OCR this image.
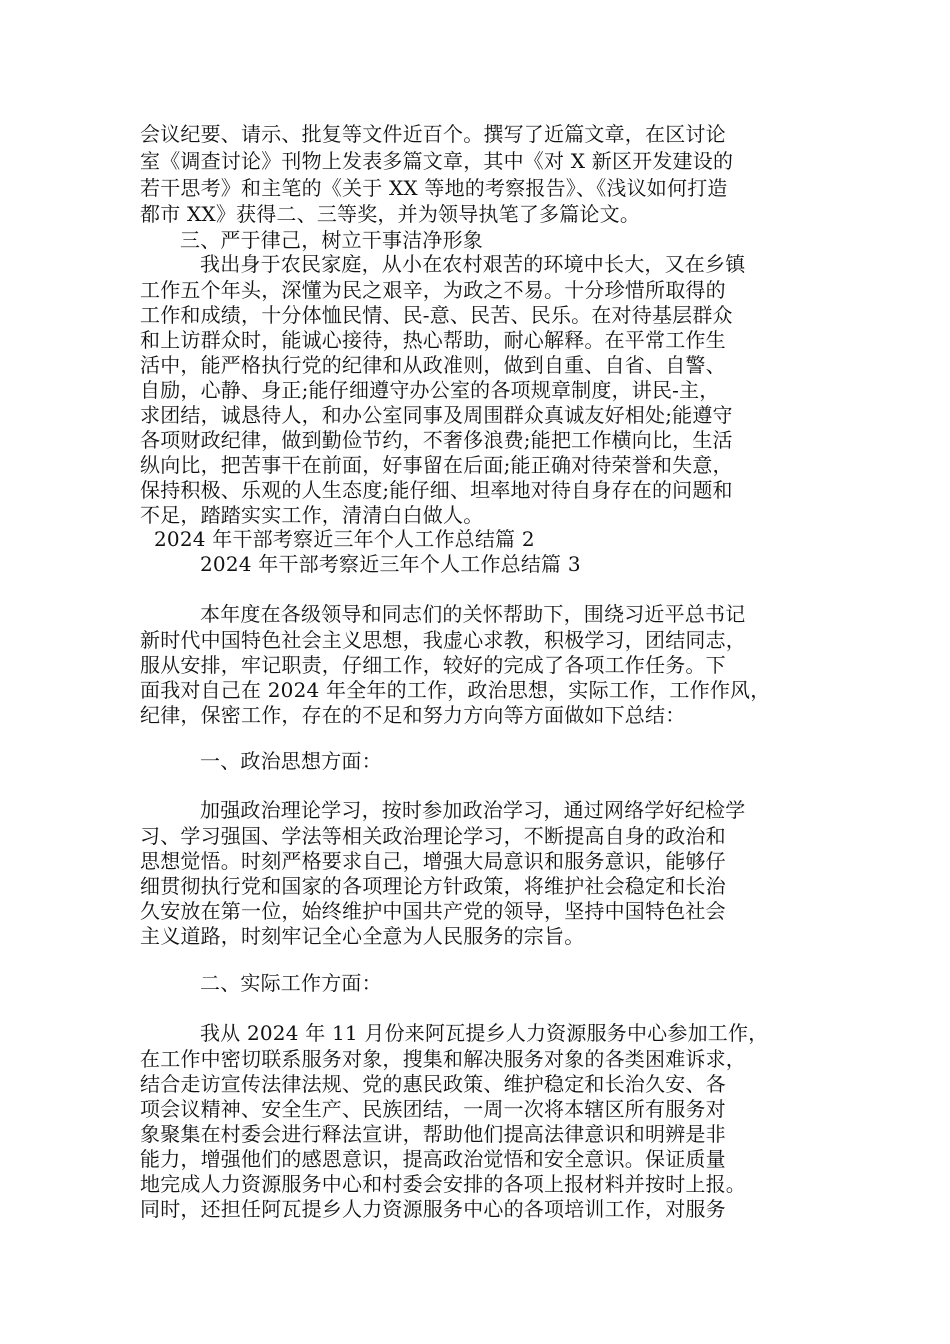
会议纪要、请示、批复等文件近百个。撰写了近篇文章，在区讨论
室《调查讨论》刊物上发表多篇文章，其中《对 X 新区开发建设的
若干思考》和主笔的《关于 XX 等地的考察报告》、《浅议如何打造
都市 XX》获得二、三等奖，并为领导执笔了多篇论文。
三、严于律己，树立干事洁净形象
我出身于农民家庭，从小在农村艰苦的环境中长大，又在乡镇
工作五个年头，深懂为民之艰辛，为政之不易。十分珍惜所取得的
工作和成绩，十分体恤民情、民-意、民苦、民乐。在对待基层群众
和上访群众时，能诚心接待，热心帮助，耐心解释。在平常工作生
活中，能严格执行党的纪律和从政准则，做到自重、自省、自警、
自励，心静、身正;能仔细遵守办公室的各项规章制度，讲民-主，
求团结，诚恳待人，和办公室同事及周围群众真诚友好相处;能遵守
各项财政纪律，做到勤俭节约，不奢侈浪费;能把工作横向比，生活
纵向比，把苦事干在前面，好事留在后面;能正确对待荣誉和失意，
保持积极、乐观的人生态度;能仔细、坦率地对待自身存在的问题和
不足，踏踏实实工作，清清白白做人。
2024 年干部考察近三年个人工作总结篇 2
2024 年干部考察近三年个人工作总结篇 3
本年度在各级领导和同志们的关怀帮助下，围绕习近平总书记
新时代中国特色社会主义思想，我虚心求教，积极学习，团结同志，
服从安排，牢记职责，仔细工作，较好的完成了各项工作任务。下
面我对自己在 2024 年全年的工作，政治思想，实际工作，工作作风，
纪律，保密工作，存在的不足和努力方向等方面做如下总结：
一、政治思想方面：
加强政治理论学习，按时参加政治学习，通过网络学好纪检学
习、学习强国、学法等相关政治理论学习，不断提高自身的政治和
思想觉悟。时刻严格要求自己，增强大局意识和服务意识，能够仔
细贯彻执行党和国家的各项理论方针政策，将维护社会稳定和长治
久安放在第一位，始终维护中国共产党的领导，坚持中国特色社会
主义道路，时刻牢记全心全意为人民服务的宗旨。
二、实际工作方面：
我从 2024 年 11 月份来阿瓦提乡人力资源服务中心参加工作，
在工作中密切联系服务对象，搜集和解决服务对象的各类困难诉求，
结合走访宣传法律法规、党的惠民政策、维护稳定和长治久安、各
项会议精神、安全生产、民族团结，一周一次将本辖区所有服务对
象聚集在村委会进行释法宣讲，帮助他们提高法律意识和明辨是非
能力，增强他们的感恩意识，提高政治觉悟和安全意识。保证质量
地完成人力资源服务中心和村委会安排的各项上报材料并按时上报。
同时，还担任阿瓦提乡人力资源服务中心的各项培训工作，对服务
